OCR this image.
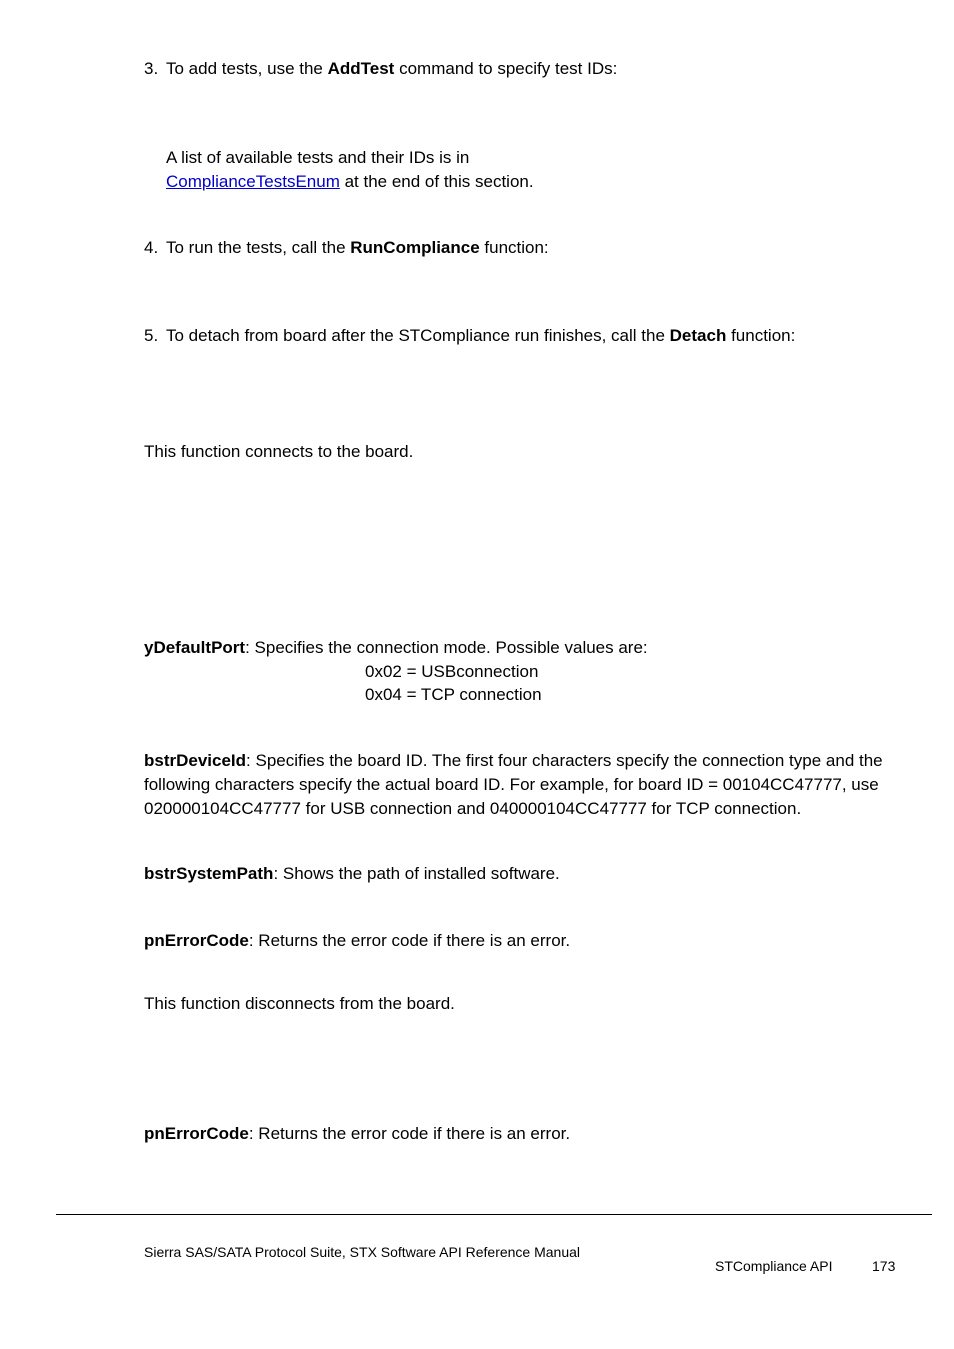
3. To add tests, use the AddTest command to specify test IDs:
A list of available tests and their IDs is in
ComplianceTestsEnum at the end of this section.
4. To run the tests, call the RunCompliance function:
5. To detach from board after the STCompliance run finishes, call the Detach function:
This function connects to the board.
yDefaultPort: Specifies the connection mode. Possible values are:
0x02 = USBconnection
0x04 = TCP connection
bstrDeviceId: Specifies the board ID. The first four characters specify the connection type and the following characters specify the actual board ID. For example, for board ID = 00104CC47777, use 020000104CC47777 for USB connection and 040000104CC47777 for TCP connection.
bstrSystemPath: Shows the path of installed software.
pnErrorCode: Returns the error code if there is an error.
This function disconnects from the board.
pnErrorCode: Returns the error code if there is an error.
Sierra SAS/SATA Protocol Suite, STX Software API Reference Manual
STCompliance API	173
